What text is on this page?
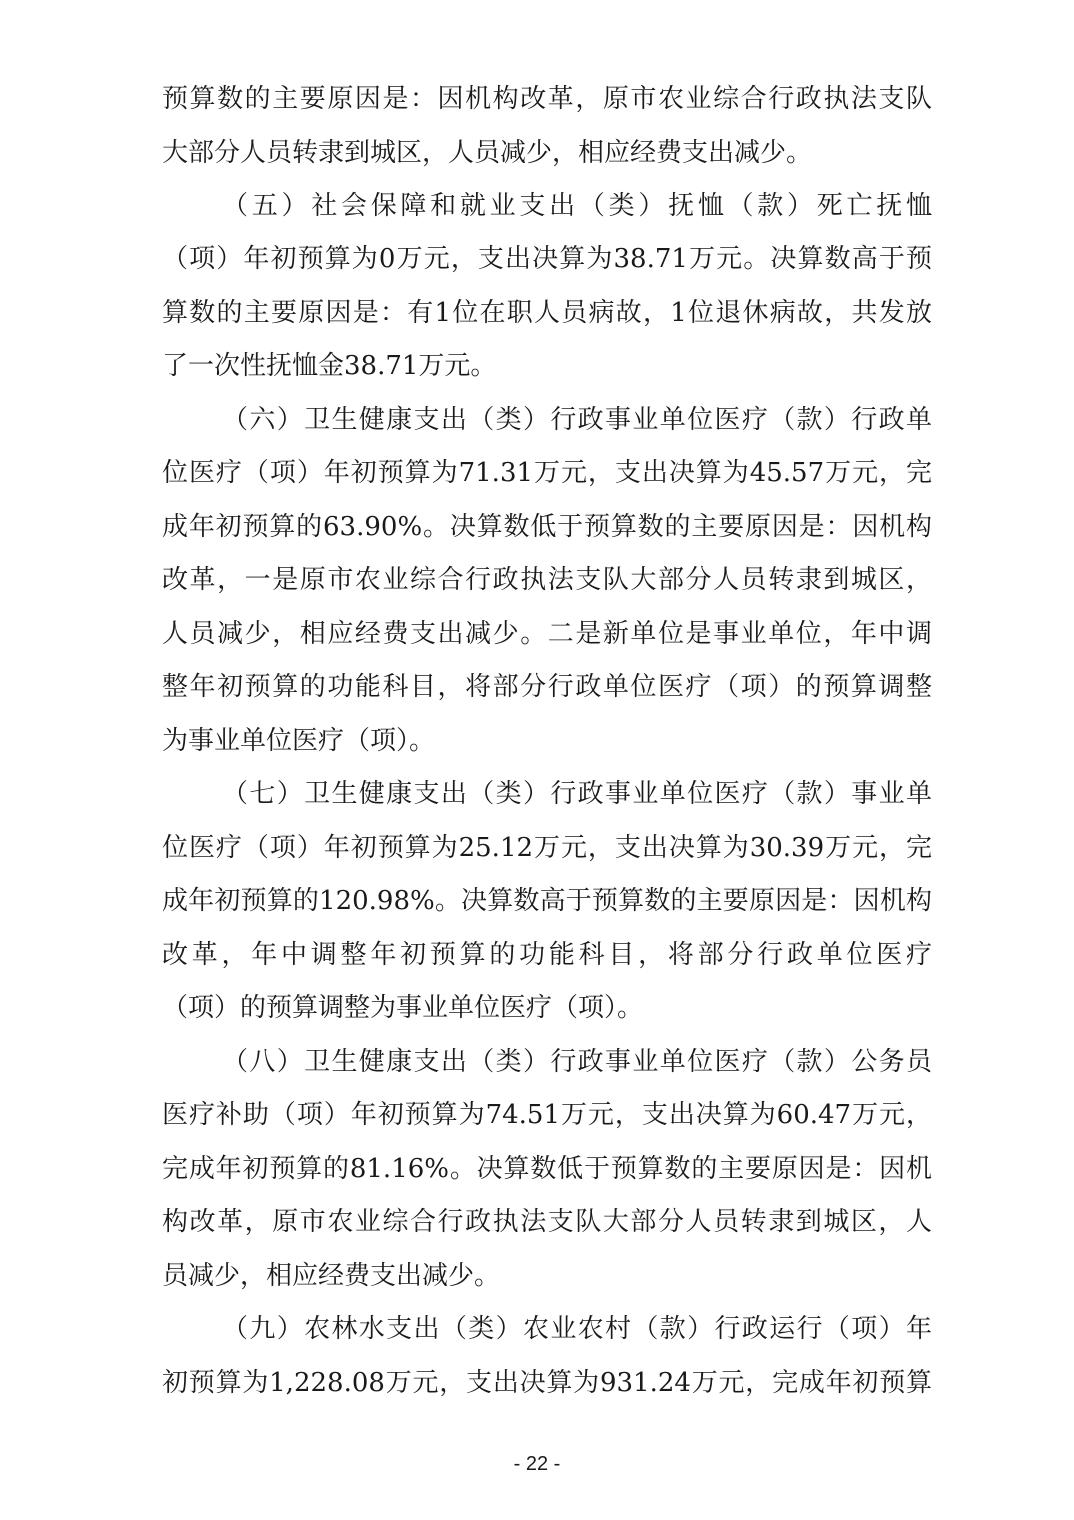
预算数的主要原因是：因机构改革，原市农业综合行政执法支队
大部分人员转隶到城区，人员减少，相应经费支出减少。
（五）社会保障和就业支出（类）抚恤（款）死亡抚恤
（项）年初预算为0万元，支出决算为38.71万元。决算数高于预
算数的主要原因是：有1位在职人员病故，1位退休病故，共发放
了一次性抚恤金38.71万元。
（六）卫生健康支出（类）行政事业单位医疗（款）行政单
位医疗（项）年初预算为71.31万元，支出决算为45.57万元，完
成年初预算的63.90%。决算数低于预算数的主要原因是：因机构
改革，一是原市农业综合行政执法支队大部分人员转隶到城区，
人员减少，相应经费支出减少。二是新单位是事业单位，年中调
整年初预算的功能科目，将部分行政单位医疗（项）的预算调整
为事业单位医疗（项）。
（七）卫生健康支出（类）行政事业单位医疗（款）事业单
位医疗（项）年初预算为25.12万元，支出决算为30.39万元，完
成年初预算的120.98%。决算数高于预算数的主要原因是：因机构
改革，年中调整年初预算的功能科目，将部分行政单位医疗
（项）的预算调整为事业单位医疗（项）。
（八）卫生健康支出（类）行政事业单位医疗（款）公务员
医疗补助（项）年初预算为74.51万元，支出决算为60.47万元，
完成年初预算的81.16%。决算数低于预算数的主要原因是：因机
构改革，原市农业综合行政执法支队大部分人员转隶到城区，人
员减少，相应经费支出减少。
（九）农林水支出（类）农业农村（款）行政运行（项）年
初预算为1,228.08万元，支出决算为931.24万元，完成年初预算
- 22 -
